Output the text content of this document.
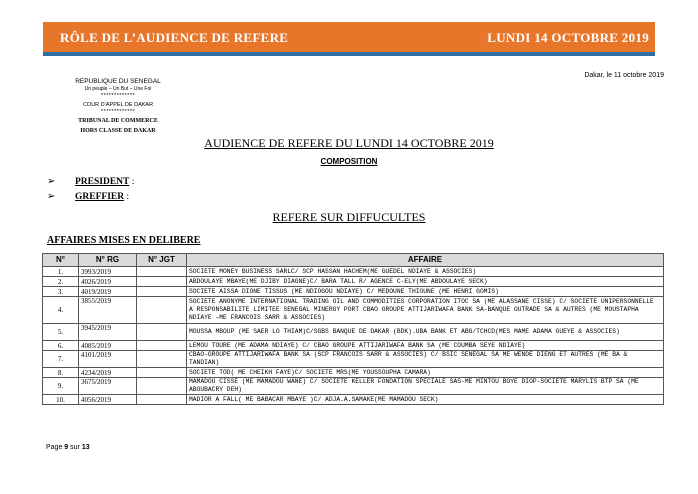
RÔLE DE L’AUDIENCE DE REFERE	LUNDI 14 OCTOBRE 2019
REPUBLIQUE DU SENEGAL
Un peuple – Un But – Une Foi
*************
COUR D’APPEL DE DAKAR
*************
TRIBUNAL DE COMMERCE
HORS CLASSE DE DAKAR
Dakar, le 11 octobre 2019
AUDIENCE DE REFERE DU LUNDI 14 OCTOBRE 2019
COMPOSITION
➢ PRESIDENT :
➢ GREFFIER :
REFERE SUR DIFFUCULTES
AFFAIRES MISES EN DELIBERE
N°	N° RG	N° JGT	AFFAIRE
1.	3993/2019		SOCIETE MONEY BUSINESS SARLC/ SCP HASSAN HACHEM(ME GUEDEL NDIAYE & ASSOCIES)
2.	4026/2019		ABDOULAYE MBAYE(ME DJIBY DIAGNE)C/ BARA TALL R/ AGENCE C-ELY(ME ABDOULAYE SECK)
3.	4019/2019		SOCIETE AISSA DIONE TISSUS (ME NDIOGOU NDIAYE) C/ MEDOUNE THIOUNE (ME HENRI GOMIS)
4.	3855/2019		SOCIETE ANONYME INTERNATIONAL TRADING OIL AND COMMODITIES CORPORATION ITOC SA (ME ALASSANE CISSE) C/ SOCIETE UNIPERSONNELLE A RESPONSABILITE LIMITEE SENEGAL MINERGY PORT CBAO GROUPE ATTIJARIWAFA BANK SA-BANQUE OUTRADE SA & AUTRES (ME MOUSTAPHA NDIAYE –ME FRANCOIS SARR & ASSOCIES)
5.	3945/2019		MOUSSA MBOUP (ME SAER LO THIAM)C/SGBS BANQUE DE DAKAR (BDK).UBA BANK ET ABG/TCHCD(MES MAME ADAMA GUEYE & ASSOCIES)
6.	4085/2019		LEMOU TOURE (ME ADAMA NDIAYE) C/ CBAO GROUPE ATTIJARIWAFA BANK SA (ME COUMBA SEYE NDIAYE)
7.	4101/2019		CBAO-GROUPE ATTIJARIWAFA BANK SA (SCP FRANCOIS SARR & ASSOCIES) C/ BSIC SENEGAL SA ME WENDE DIENG ET AUTRES (ME BA & TANDIAN)
8.	4234/2019		SOCIETE TOD( ME CHEIKH FAYE)C/ SOCIETE MRS(ME YOUSSOUPHA CAMARA)
9.	3675/2019		MAMADOU CISSE (ME MAMADOU WANE) C/ SOCIETE KELLER FONDATION SPECIALE SAS-ME MINTOU BOYE DIOP-SOCIETE MARYLIS BTP SA (ME ABOUBACRY DEH)
10.	4056/2019		MADIOR A FALL( ME BABACAR MBAYE )C/ ADJA.A.SAMAKE(ME MAMADOU SECK)
Page 9 sur 13
